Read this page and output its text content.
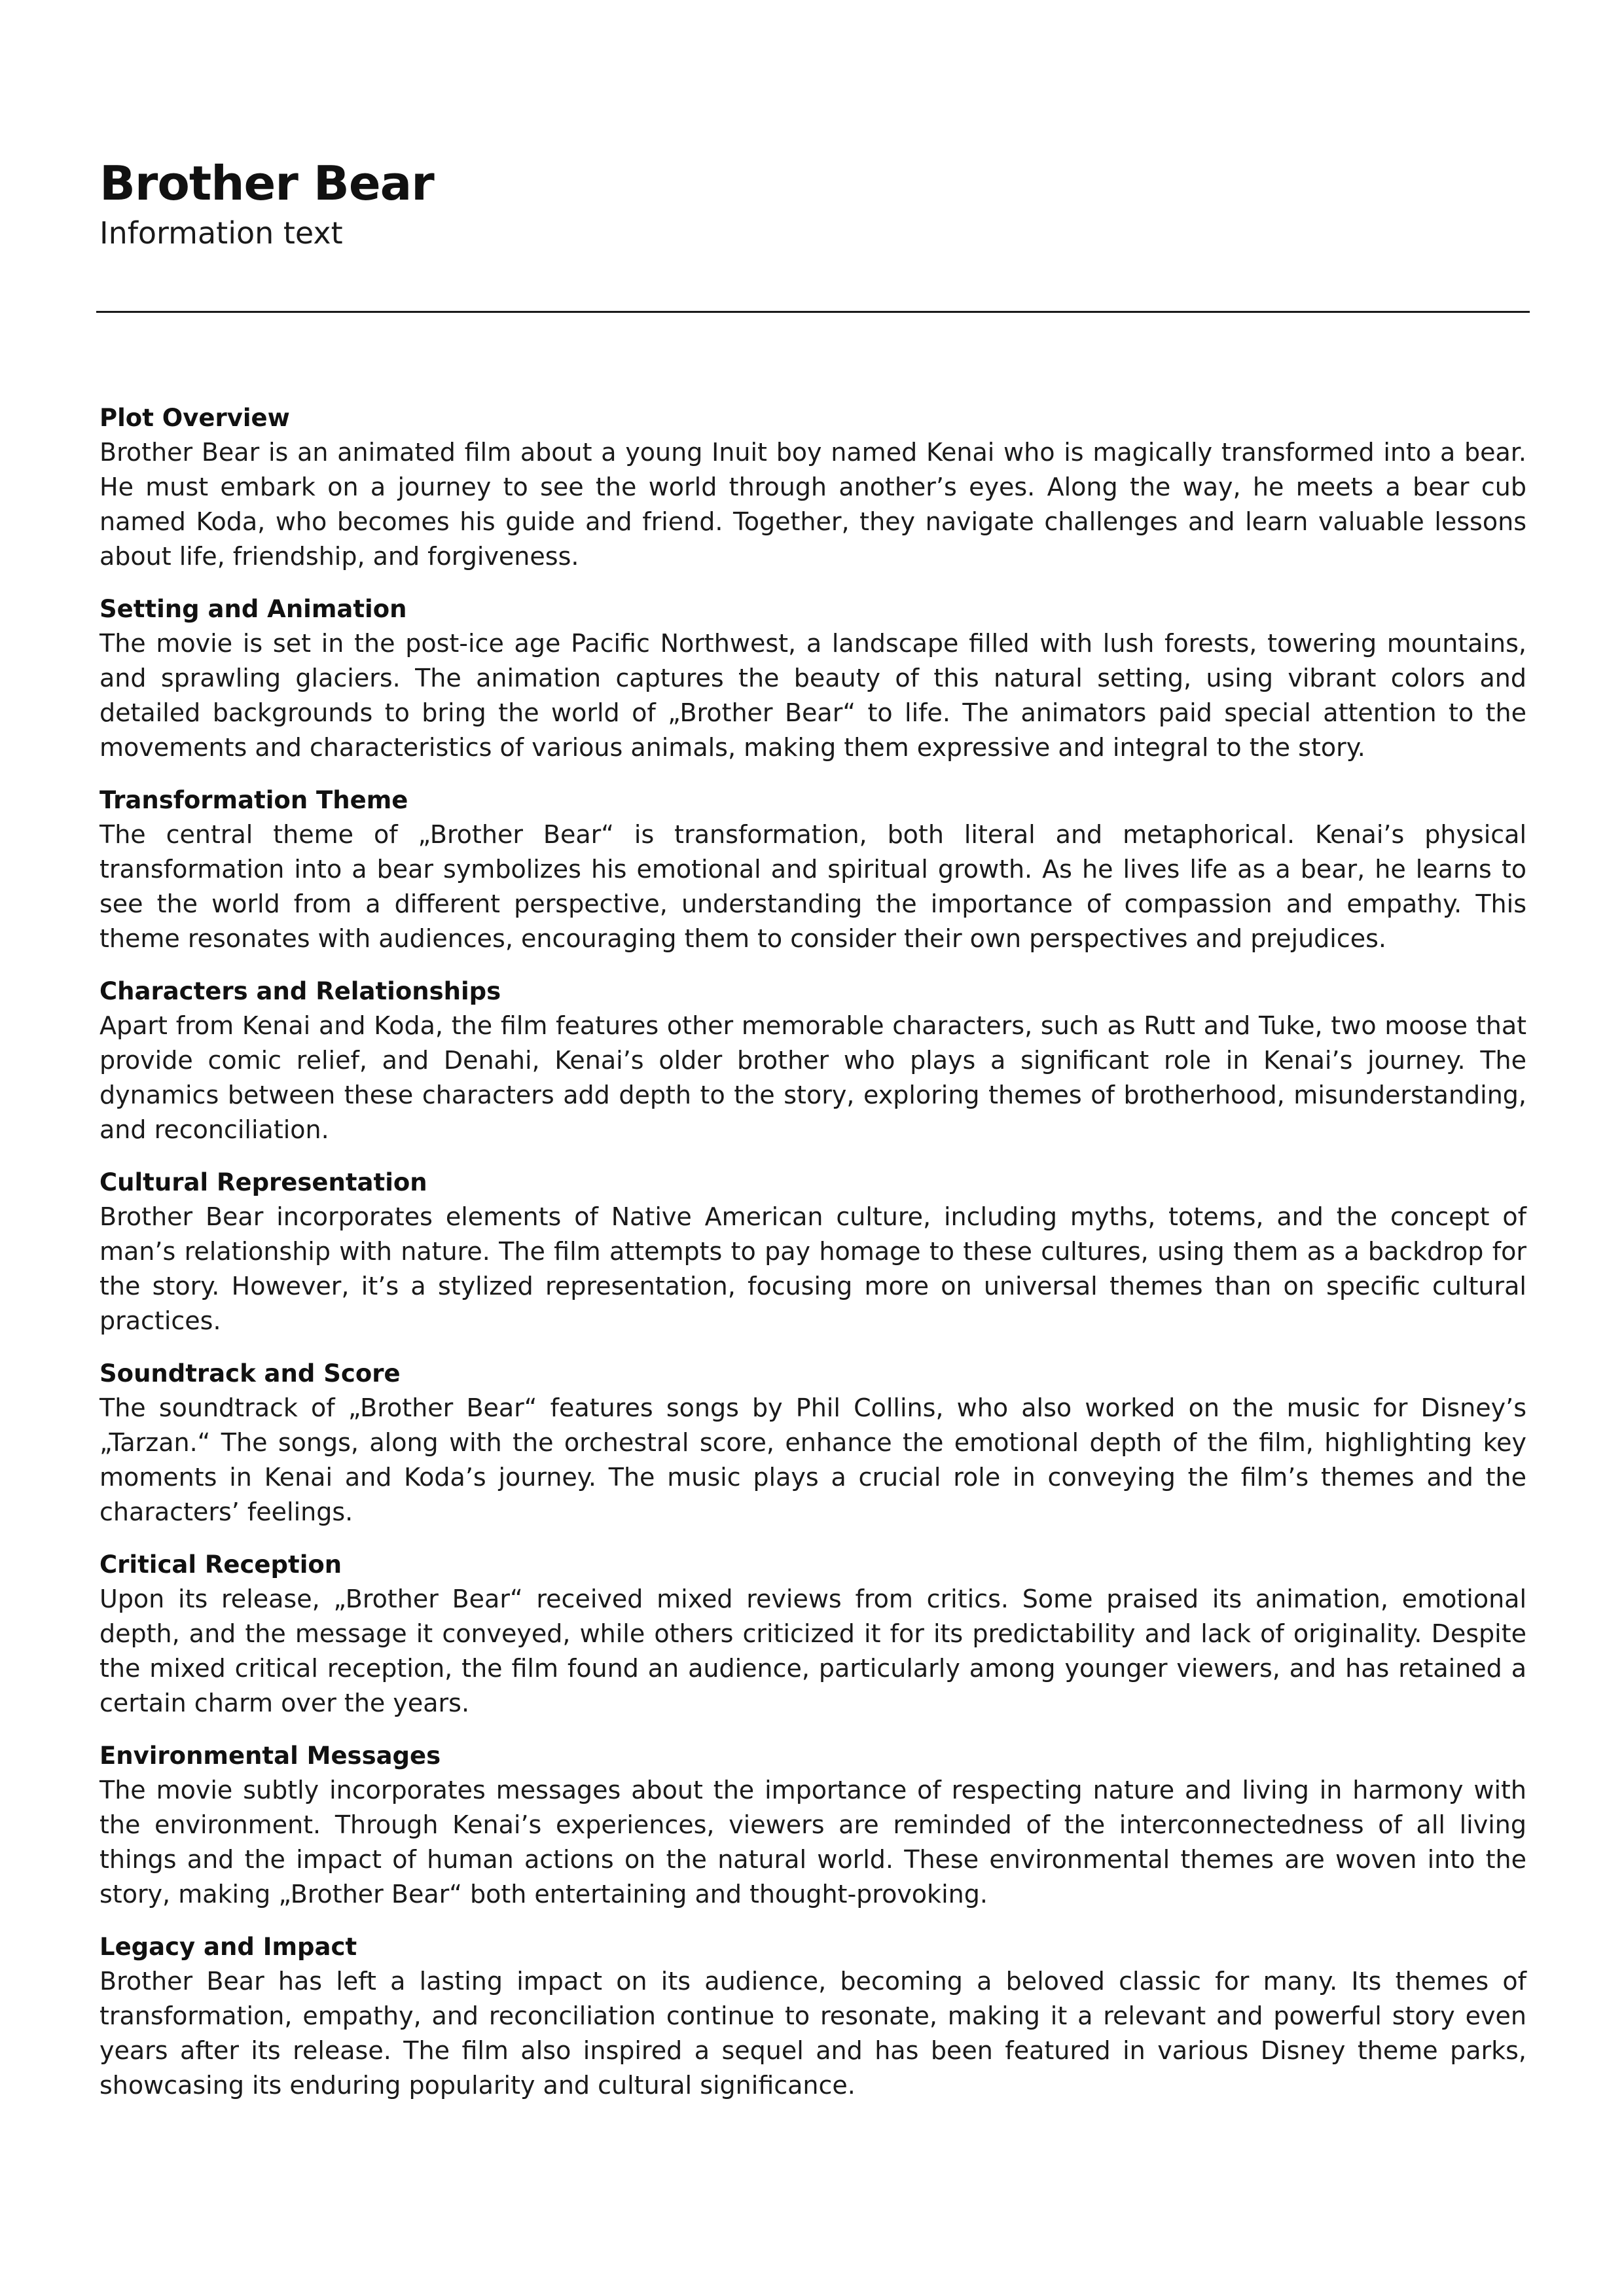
Brother Bear
Information text
Plot Overview

Brother Bear is an animated film about a young Inuit boy named Kenai who is magically transformed into a bear. He must embark on a journey to see the world through another’s eyes. Along the way, he meets a bear cub named Koda, who becomes his guide and friend. Together, they navigate challenges and learn valuable lessons about life, friendship, and forgiveness.

Setting and Animation

The movie is set in the post-ice age Pacific Northwest, a landscape filled with lush forests, towering mountains, and sprawling glaciers. The animation captures the beauty of this natural setting, using vibrant colors and detailed backgrounds to bring the world of „Brother Bear“ to life. The animators paid special attention to the movements and characteristics of various animals, making them expressive and integral to the story.

Transformation Theme

The central theme of „Brother Bear“ is transformation, both literal and metaphorical. Kenai’s physical transformation into a bear symbolizes his emotional and spiritual growth. As he lives life as a bear, he learns to see the world from a different perspective, understanding the importance of compassion and empathy. This theme resonates with audiences, encouraging them to consider their own perspectives and prejudices.

Characters and Relationships

Apart from Kenai and Koda, the film features other memorable characters, such as Rutt and Tuke, two moose that provide comic relief, and Denahi, Kenai’s older brother who plays a significant role in Kenai’s journey. The dynamics between these characters add depth to the story, exploring themes of brotherhood, misunderstanding, and reconciliation.

Cultural Representation

Brother Bear incorporates elements of Native American culture, including myths, totems, and the concept of man’s relationship with nature. The film attempts to pay homage to these cultures, using them as a backdrop for the story. However, it’s a stylized representation, focusing more on universal themes than on specific cultural practices.

Soundtrack and Score

The soundtrack of „Brother Bear“ features songs by Phil Collins, who also worked on the music for Disney’s „Tarzan.“ The songs, along with the orchestral score, enhance the emotional depth of the film, highlighting key moments in Kenai and Koda’s journey. The music plays a crucial role in conveying the film’s themes and the characters’ feelings.

Critical Reception

Upon its release, „Brother Bear“ received mixed reviews from critics. Some praised its animation, emotional depth, and the message it conveyed, while others criticized it for its predictability and lack of originality. Despite the mixed critical reception, the film found an audience, particularly among younger viewers, and has retained a certain charm over the years.

Environmental Messages

The movie subtly incorporates messages about the importance of respecting nature and living in harmony with the environment. Through Kenai’s experiences, viewers are reminded of the interconnectedness of all living things and the impact of human actions on the natural world. These environmental themes are woven into the story, making „Brother Bear“ both entertaining and thought-provoking.

Legacy and Impact

Brother Bear has left a lasting impact on its audience, becoming a beloved classic for many. Its themes of transformation, empathy, and reconciliation continue to resonate, making it a relevant and powerful story even years after its release. The film also inspired a sequel and has been featured in various Disney theme parks, showcasing its enduring popularity and cultural significance.
